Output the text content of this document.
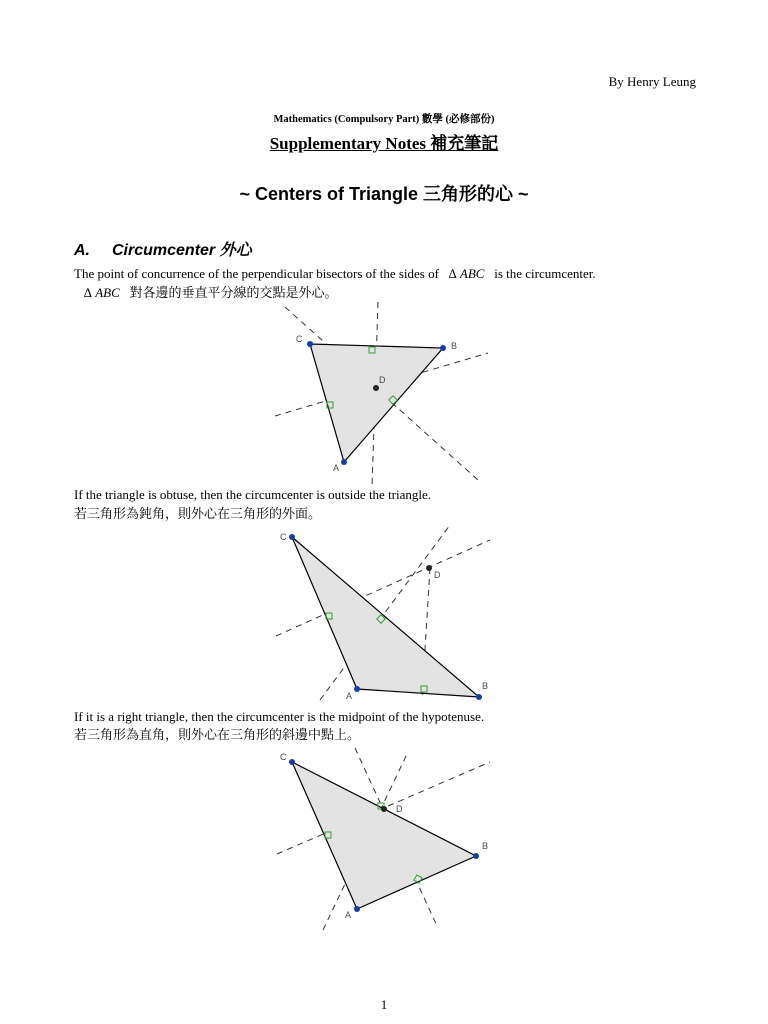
By Henry Leung
Mathematics (Compulsory Part) 數學 (必修部份)
Supplementary Notes 補充筆記
~ Centers of Triangle 三角形的心 ~
A. Circumcenter 外心
The point of concurrence of the perpendicular bisectors of the sides of ∆ ABC is the circumcenter.
∆ ABC 對各邊的垂直平分線的交點是外心。
If the triangle is obtuse, then the circumcenter is outside the triangle.
若三角形為鈍角，則外心在三角形的外面。
If it is a right triangle, then the circumcenter is the midpoint of the hypotenuse.
若三角形為直角，則外心在三角形的斜邊中點上。
C
B
A
D
C
B
A
D
C
B
A
D
1
